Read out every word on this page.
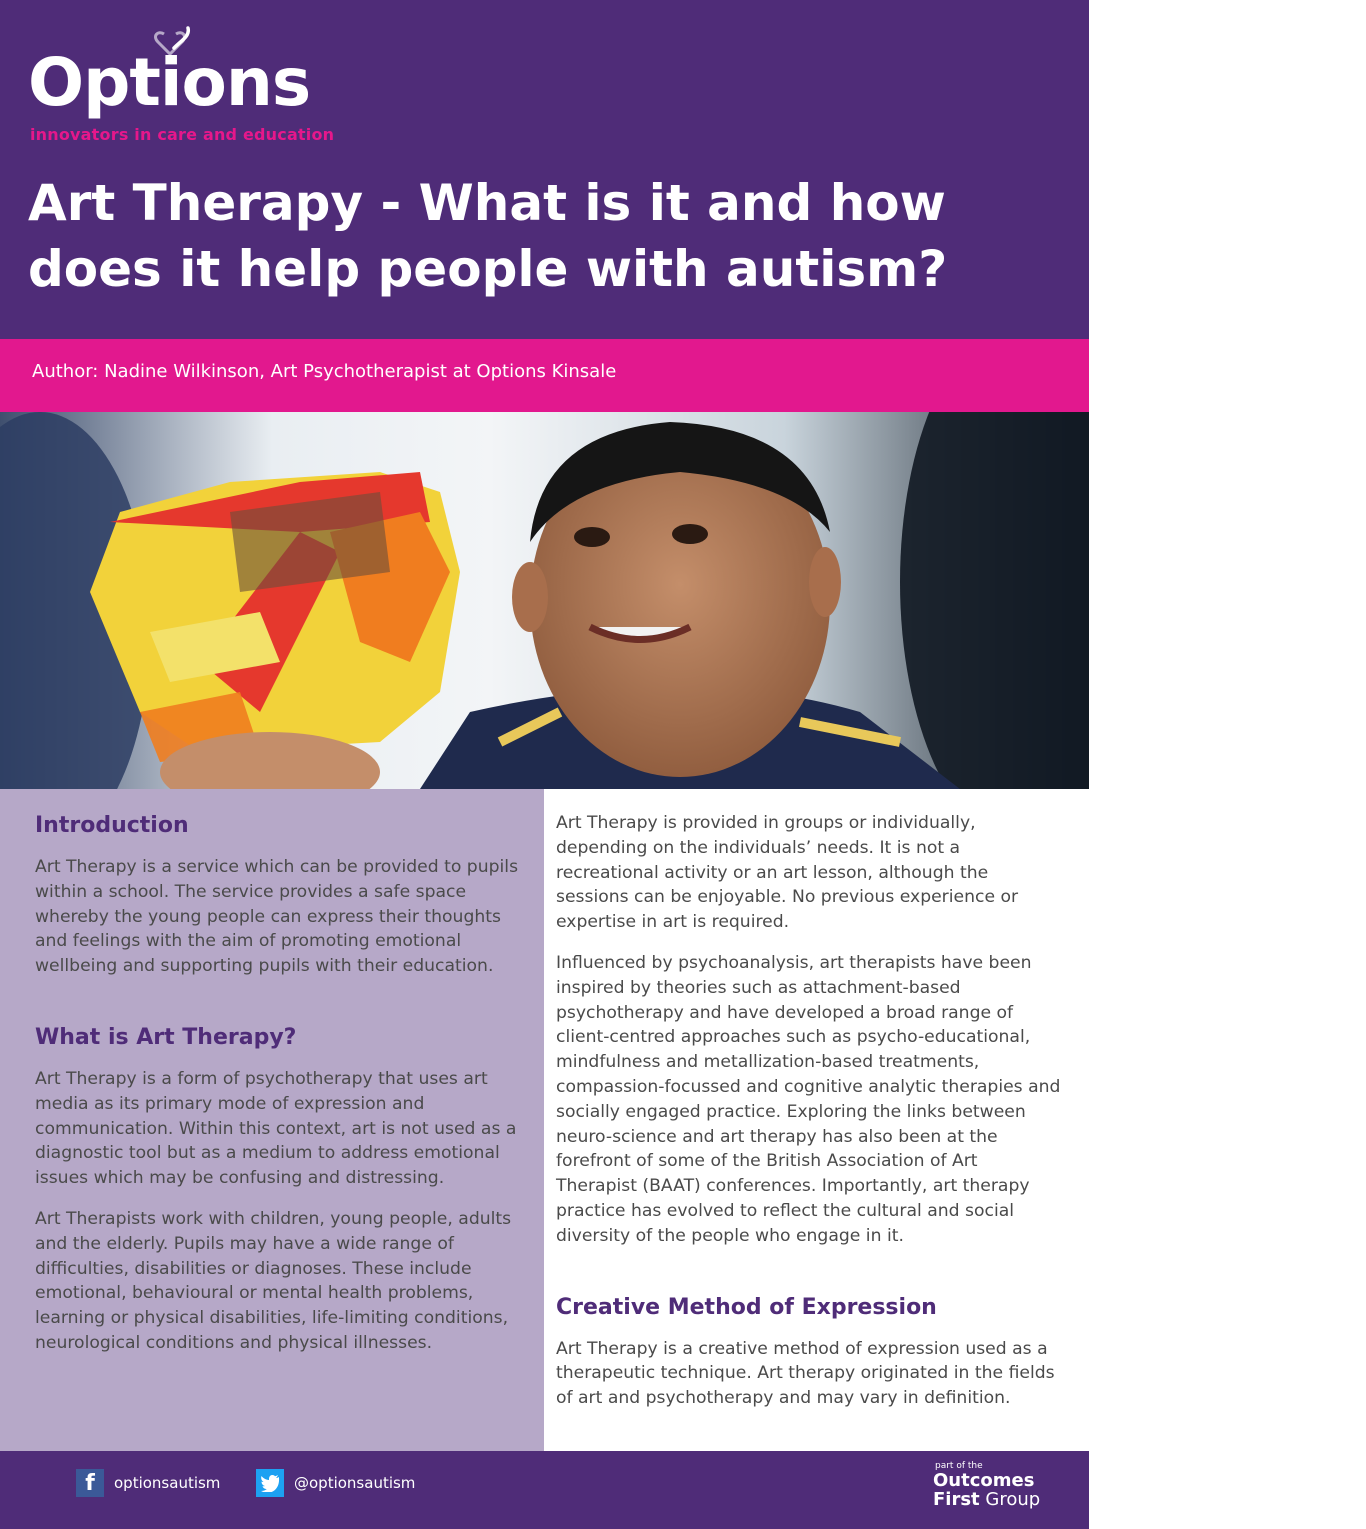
Options
innovators in care and education
Art Therapy - What is it and how does it help people with autism?
Author: Nadine Wilkinson, Art Psychotherapist at Options Kinsale
Introduction

Art Therapy is a service which can be provided to pupils within a school. The service provides a safe space whereby the young people can express their thoughts and feelings with the aim of promoting emotional wellbeing and supporting pupils with their education.

What is Art Therapy?

Art Therapy is a form of psychotherapy that uses art media as its primary mode of expression and communication. Within this context, art is not used as a diagnostic tool but as a medium to address emotional issues which may be confusing and distressing.

Art Therapists work with children, young people, adults and the elderly. Pupils may have a wide range of difficulties, disabilities or diagnoses. These include emotional, behavioural or mental health problems, learning or physical disabilities, life-limiting conditions, neurological conditions and physical illnesses.

Art Therapy is provided in groups or individually, depending on the individuals’ needs. It is not a recreational activity or an art lesson, although the sessions can be enjoyable. No previous experience or expertise in art is required.

Influenced by psychoanalysis, art therapists have been inspired by theories such as attachment-based psychotherapy and have developed a broad range of client-centred approaches such as psycho-educational, mindfulness and metallization-based treatments, compassion-focussed and cognitive analytic therapies and socially engaged practice. Exploring the links between neuro-science and art therapy has also been at the forefront of some of the British Association of Art Therapist (BAAT) conferences. Importantly, art therapy practice has evolved to reflect the cultural and social diversity of the people who engage in it.

Creative Method of Expression

Art Therapy is a creative method of expression used as a therapeutic technique. Art therapy originated in the fields of art and psychotherapy and may vary in definition.

f	optionsautism	@optionsautism
part of the
Outcomes
First Group
